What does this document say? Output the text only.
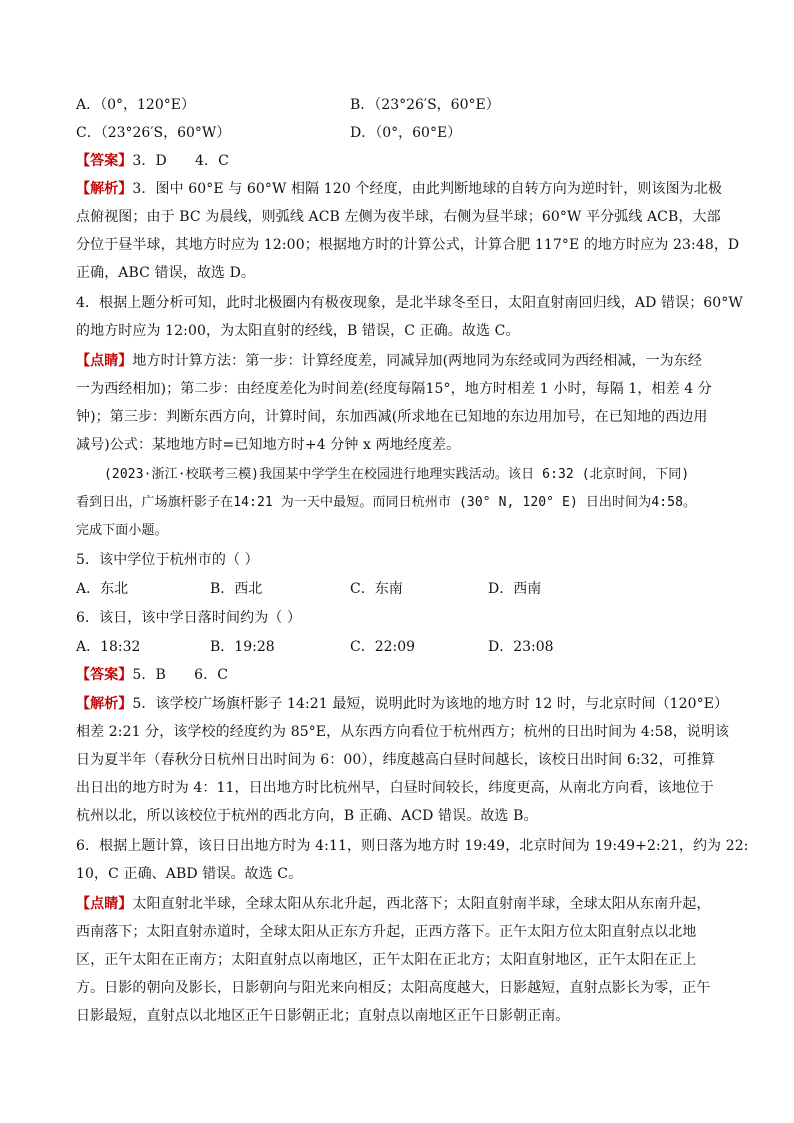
A．（0°，120°E）	B．（23°26′S，60°E）
C．（23°26′S，60°W）	D．（0°，60°E）
【答案】3．D　　4．C
【解析】3．图中 60°E 与 60°W 相隔 120 个经度，由此判断地球的自转方向为逆时针，则该图为北极
点俯视图；由于 BC 为晨线，则弧线 ACB 左侧为夜半球，右侧为昼半球；60°W 平分弧线 ACB，大部
分位于昼半球，其地方时应为 12:00；根据地方时的计算公式，计算合肥 117°E 的地方时应为 23:48，D
正确，ABC 错误，故选 D。
4．根据上题分析可知，此时北极圈内有极夜现象，是北半球冬至日，太阳直射南回归线，AD 错误；60°W
的地方时应为 12:00，为太阳直射的经线，B 错误，C 正确。故选 C。
【点睛】地方时计算方法：第一步：计算经度差，同减异加(两地同为东经或同为西经相减，一为东经
一为西经相加)；第二步：由经度差化为时间差(经度每隔15°，地方时相差 1 小时，每隔 1，相差 4 分
钟)；第三步：判断东西方向，计算时间，东加西减(所求地在已知地的东边用加号，在已知地的西边用
减号)公式：某地地方时=已知地方时+4 分钟 x 两地经度差。
(2023·浙江·校联考三模)我国某中学学生在校园进行地理实践活动。该日 6:32 (北京时间，下同)
看到日出，广场旗杆影子在14:21 为一天中最短。而同日杭州市 (30° N, 120° E) 日出时间为4:58。
完成下面小题。
5．该中学位于杭州市的（ ）
A．东北	B．西北	C．东南	D．西南
6．该日，该中学日落时间约为（ ）
A．18:32	B．19:28	C．22:09	D．23:08
【答案】5．B　　6．C
【解析】5．该学校广场旗杆影子 14:21 最短，说明此时为该地的地方时 12 时，与北京时间（120°E）
相差 2:21 分，该学校的经度约为 85°E，从东西方向看位于杭州西方；杭州的日出时间为 4:58，说明该
日为夏半年（春秋分日杭州日出时间为 6：00），纬度越高白昼时间越长，该校日出时间 6:32，可推算
出日出的地方时为 4：11，日出地方时比杭州早，白昼时间较长，纬度更高，从南北方向看，该地位于
杭州以北，所以该校位于杭州的西北方向，B 正确、ACD 错误。故选 B。
6．根据上题计算，该日日出地方时为 4:11，则日落为地方时 19:49，北京时间为 19:49+2:21，约为 22:
10，C 正确、ABD 错误。故选 C。
【点睛】太阳直射北半球，全球太阳从东北升起，西北落下；太阳直射南半球，全球太阳从东南升起，
西南落下；太阳直射赤道时，全球太阳从正东方升起，正西方落下。正午太阳方位太阳直射点以北地
区，正午太阳在正南方；太阳直射点以南地区，正午太阳在正北方；太阳直射地区，正午太阳在正上
方。日影的朝向及影长，日影朝向与阳光来向相反；太阳高度越大，日影越短，直射点影长为零，正午
日影最短，直射点以北地区正午日影朝正北；直射点以南地区正午日影朝正南。
